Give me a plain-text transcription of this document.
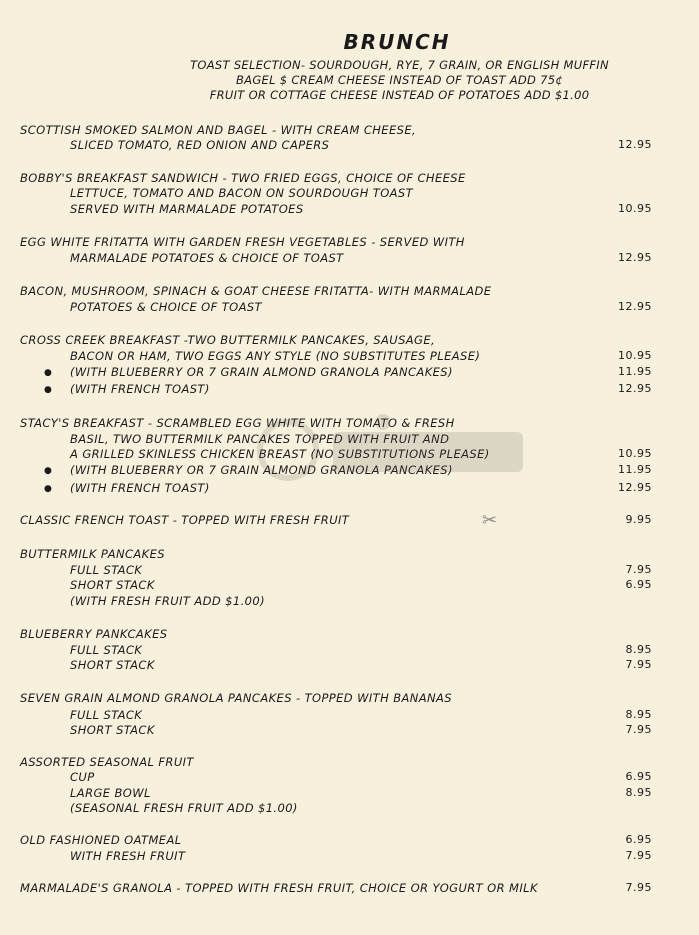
BRUNCH
TOAST SELECTION- SOURDOUGH, RYE, 7 GRAIN, OR ENGLISH MUFFIN
BAGEL $ CREAM CHEESE INSTEAD OF TOAST ADD 75¢
FRUIT OR COTTAGE CHEESE INSTEAD OF POTATOES ADD $1.00
SCOTTISH SMOKED SALMON AND BAGEL - WITH CREAM CHEESE,
SLICED TOMATO, RED ONION AND CAPERS	12.95
BOBBY'S BREAKFAST SANDWICH - TWO FRIED EGGS, CHOICE OF CHEESE
LETTUCE, TOMATO AND BACON ON SOURDOUGH TOAST
SERVED WITH MARMALADE POTATOES	10.95
EGG WHITE FRITATTA WITH GARDEN FRESH VEGETABLES - SERVED WITH
MARMALADE POTATOES & CHOICE OF TOAST	12.95
BACON, MUSHROOM, SPINACH & GOAT CHEESE FRITATTA- WITH MARMALADE
POTATOES & CHOICE OF TOAST	12.95
CROSS CREEK BREAKFAST -TWO BUTTERMILK PANCAKES, SAUSAGE,
BACON OR HAM, TWO EGGS ANY STYLE (NO SUBSTITUTES PLEASE)	10.95
● (WITH BLUEBERRY OR 7 GRAIN ALMOND GRANOLA PANCAKES)	11.95
● (WITH FRENCH TOAST)	12.95
STACY'S BREAKFAST - SCRAMBLED EGG WHITE WITH TOMATO & FRESH
BASIL, TWO BUTTERMILK PANCAKES TOPPED WITH FRUIT AND
A GRILLED SKINLESS CHICKEN BREAST (NO SUBSTITUTIONS PLEASE)	10.95
● (WITH BLUEBERRY OR 7 GRAIN ALMOND GRANOLA PANCAKES)	11.95
● (WITH FRENCH TOAST)	12.95
CLASSIC FRENCH TOAST - TOPPED WITH FRESH FRUIT	9.95
BUTTERMILK PANCAKES
FULL STACK	7.95
SHORT STACK	6.95
(WITH FRESH FRUIT ADD $1.00)
BLUEBERRY PANKCAKES
FULL STACK	8.95
SHORT STACK	7.95
SEVEN GRAIN ALMOND GRANOLA PANCAKES - TOPPED WITH BANANAS
FULL STACK	8.95
SHORT STACK	7.95
ASSORTED SEASONAL FRUIT
CUP	6.95
LARGE BOWL	8.95
(SEASONAL FRESH FRUIT ADD $1.00)
OLD FASHIONED OATMEAL	6.95
WITH FRESH FRUIT	7.95
MARMALADE'S GRANOLA - TOPPED WITH FRESH FRUIT, CHOICE OR YOGURT OR MILK	7.95
✂
